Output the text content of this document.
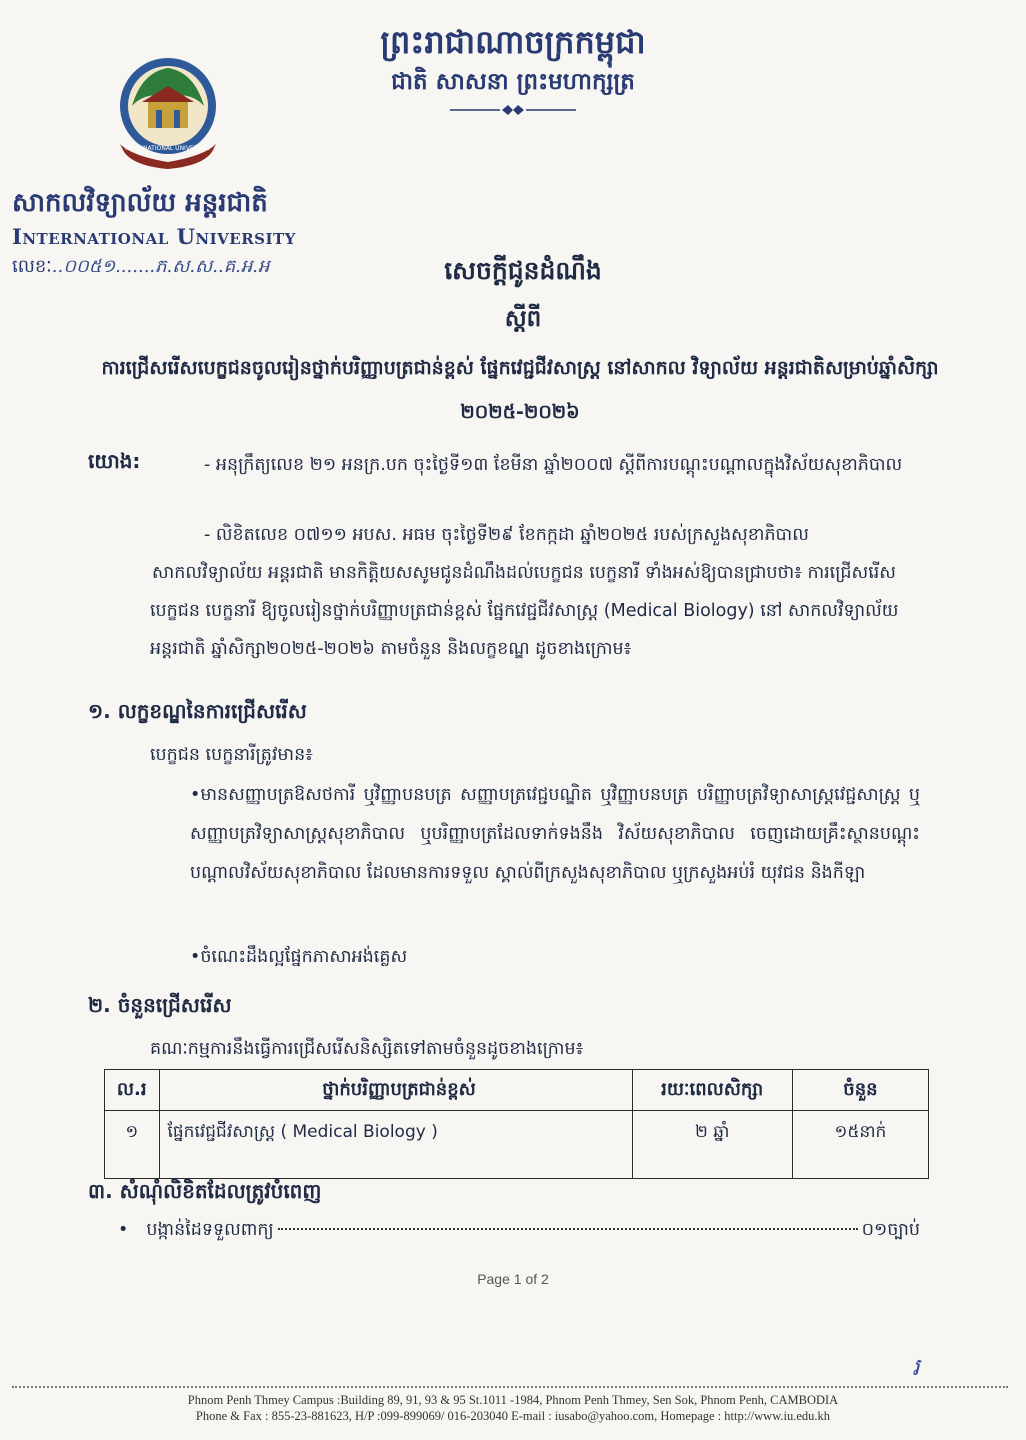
ព្រះរាជាណាចក្រកម្ពុជា
ជាតិ សាសនា ព្រះមហាក្សត្រ
INTERNATIONAL UNIVERSITY
សាកលវិទ្យាល័យ អន្តរជាតិ
International University
លេខៈ..០០៥១.......ភ.ស.ស..គ.អ.អ	សេចក្ដីជូនដំណឹង
ស្ដីពី
ការជ្រើសរើសបេក្ខជនចូលរៀនថ្នាក់បរិញ្ញាបត្រជាន់ខ្ពស់ ផ្នែកវេជ្ជជីវសាស្ត្រ នៅសាកល វិទ្យាល័យ អន្តរជាតិសម្រាប់ឆ្នាំសិក្សា ២០២៥-២០២៦
យោង:	- អនុក្រឹត្យលេខ ២១ អនក្រ.បក ចុះថ្ងៃទី១៣ ខែមីនា ឆ្នាំ២០០៧ ស្ដីពីការបណ្ដុះបណ្ដាលក្នុងវិស័យសុខាភិបាល
- លិខិតលេខ ០៧១១ អបស. អធម ចុះថ្ងៃទី២៩ ខែកក្កដា ឆ្នាំ២០២៥ របស់ក្រសួងសុខាភិបាល
សាកលវិទ្យាល័យ អន្តរជាតិ មានកិត្តិយសសូមជូនដំណឹងដល់បេក្ខជន បេក្ខនារី ទាំងអស់ឱ្យបានជ្រាបថា៖ ការជ្រើសរើសបេក្ខជន បេក្ខនារី ឱ្យចូលរៀនថ្នាក់បរិញ្ញាបត្រជាន់ខ្ពស់ ផ្នែកវេជ្ជជីវសាស្ត្រ (Medical Biology) នៅ សាកលវិទ្យាល័យ អន្តរជាតិ ឆ្នាំសិក្សា២០២៥-២០២៦ តាមចំនួន និងលក្ខខណ្ឌ ដូចខាងក្រោម៖
១. លក្ខខណ្ឌនៃការជ្រើសរើស
បេក្ខជន បេក្ខនារីត្រូវមាន៖
•មានសញ្ញាបត្រឱសថការី ឬវិញ្ញាបនបត្រ សញ្ញាបត្រវេជ្ជបណ្ឌិត ឬវិញ្ញាបនបត្រ បរិញ្ញាបត្រវិទ្យាសាស្ត្រវេជ្ជសាស្ត្រ ឬសញ្ញាបត្រវិទ្យាសាស្ត្រសុខាភិបាល ឬបរិញ្ញាបត្រដែលទាក់ទងនឹង វិស័យសុខាភិបាល ចេញដោយគ្រឹះស្ថានបណ្ដុះបណ្ដាលវិស័យសុខាភិបាល ដែលមានការទទួល ស្គាល់ពីក្រសួងសុខាភិបាល ឬក្រសួងអប់រំ យុវជន និងកីឡា
•ចំណេះដឹងល្អផ្នែកភាសាអង់គ្លេស
២. ចំនួនជ្រើសរើស
គណៈកម្មការនឹងធ្វើការជ្រើសរើសនិស្សិតទៅតាមចំនួនដូចខាងក្រោម៖
ល.រ	ថ្នាក់បរិញ្ញាបត្រជាន់ខ្ពស់	រយៈពេលសិក្សា	ចំនួន
១	ផ្នែកវេជ្ជជីវសាស្ត្រ ( Medical Biology )	២ ឆ្នាំ	១៥នាក់
៣. សំណុំលិខិតដែលត្រូវបំពេញ
• បង្កាន់ដៃទទួលពាក្យ	០១ច្បាប់
Page 1 of 2
រ
Phnom Penh Thmey Campus :Building 89, 91, 93 & 95 St.1011 -1984, Phnom Penh Thmey, Sen Sok, Phnom Penh, CAMBODIA
Phone & Fax : 855-23-881623, H/P :099-899069/ 016-203040 E-mail : iusabo@yahoo.com, Homepage : http://www.iu.edu.kh
